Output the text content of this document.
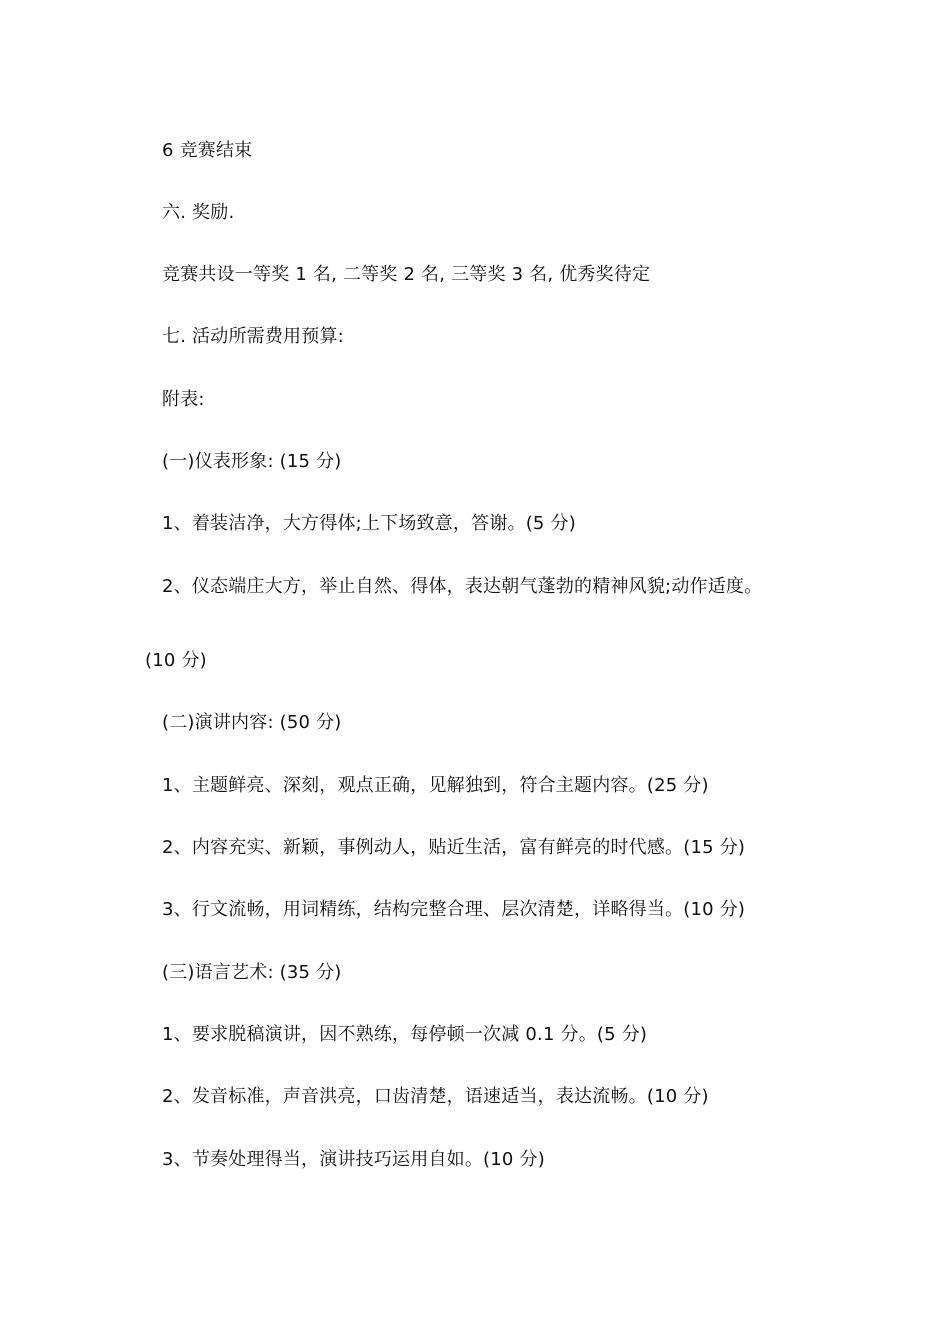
6 竞赛结束
六. 奖励.
竞赛共设一等奖 1 名, 二等奖 2 名, 三等奖 3 名, 优秀奖待定
七. 活动所需费用预算:
附表:
(一)仪表形象: (15 分)
1、着装洁净，大方得体;上下场致意，答谢。(5 分)
2、仪态端庄大方，举止自然、得体，表达朝气蓬勃的精神风貌;动作适度。
(10 分)
(二)演讲内容: (50 分)
1、主题鲜亮、深刻，观点正确，见解独到，符合主题内容。(25 分)
2、内容充实、新颖，事例动人，贴近生活，富有鲜亮的时代感。(15 分)
3、行文流畅，用词精练，结构完整合理、层次清楚，详略得当。(10 分)
(三)语言艺术: (35 分)
1、要求脱稿演讲，因不熟练，每停顿一次减 0.1 分。(5 分)
2、发音标准，声音洪亮，口齿清楚，语速适当，表达流畅。(10 分)
3、节奏处理得当，演讲技巧运用自如。(10 分)
